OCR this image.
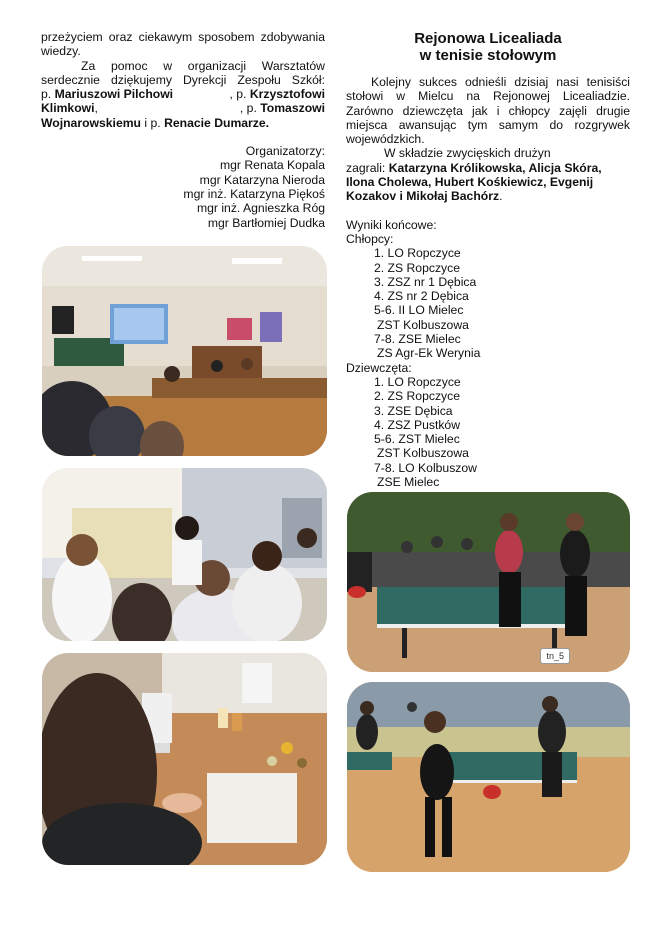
przeżyciem oraz ciekawym sposobem zdobywania

wiedzy.

Za pomoc w organizacji Warsztatów

serdecznie dziękujemy Dyrekcji Zespołu Szkół:

p. Mariuszowi Pilchowi	, p. Krzysztofowi

Klimkowi,	, p. Tomaszowi

Wojnarowskiemu i p. Renacie Dumarze.

Organizatorzy:

mgr Renata Kopala

mgr Katarzyna Nieroda

mgr inż. Katarzyna Piękoś

mgr inż. Agnieszka Róg

mgr Bartłomiej Dudka

Rejonowa Licealiada

w tenisie stołowym

Kolejny sukces odnieśli dzisiaj nasi tenisiści

stołowi w Mielcu na Rejonowej Licealiadzie. Zarówno dziewczęta jak i chłopcy zajęli drugie miejsca awansując tym samym do rozgrywek wojewódzkich.

W składzie zwycięskich drużyn

zagrali: Katarzyna Królikowska, Alicja Skóra, Ilona Cholewa, Hubert Kośkiewicz, Evgenij Kozakov i Mikołaj Bachórz.

Wyniki końcowe:

Chłopcy:

1. LO Ropczyce

2. ZS Ropczyce

3. ZSZ nr 1 Dębica

4. ZS nr 2 Dębica

5-6. II LO Mielec

ZST Kolbuszowa

7-8. ZSE Mielec

ZS Agr-Ek Werynia

Dziewczęta:

1. LO Ropczyce

2. ZS Ropczyce

3. ZSE Dębica

4. ZSZ Pustków

5-6. ZST Mielec

ZST Kolbuszowa

7-8. LO Kolbuszow

ZSE Mielec

tn_5
